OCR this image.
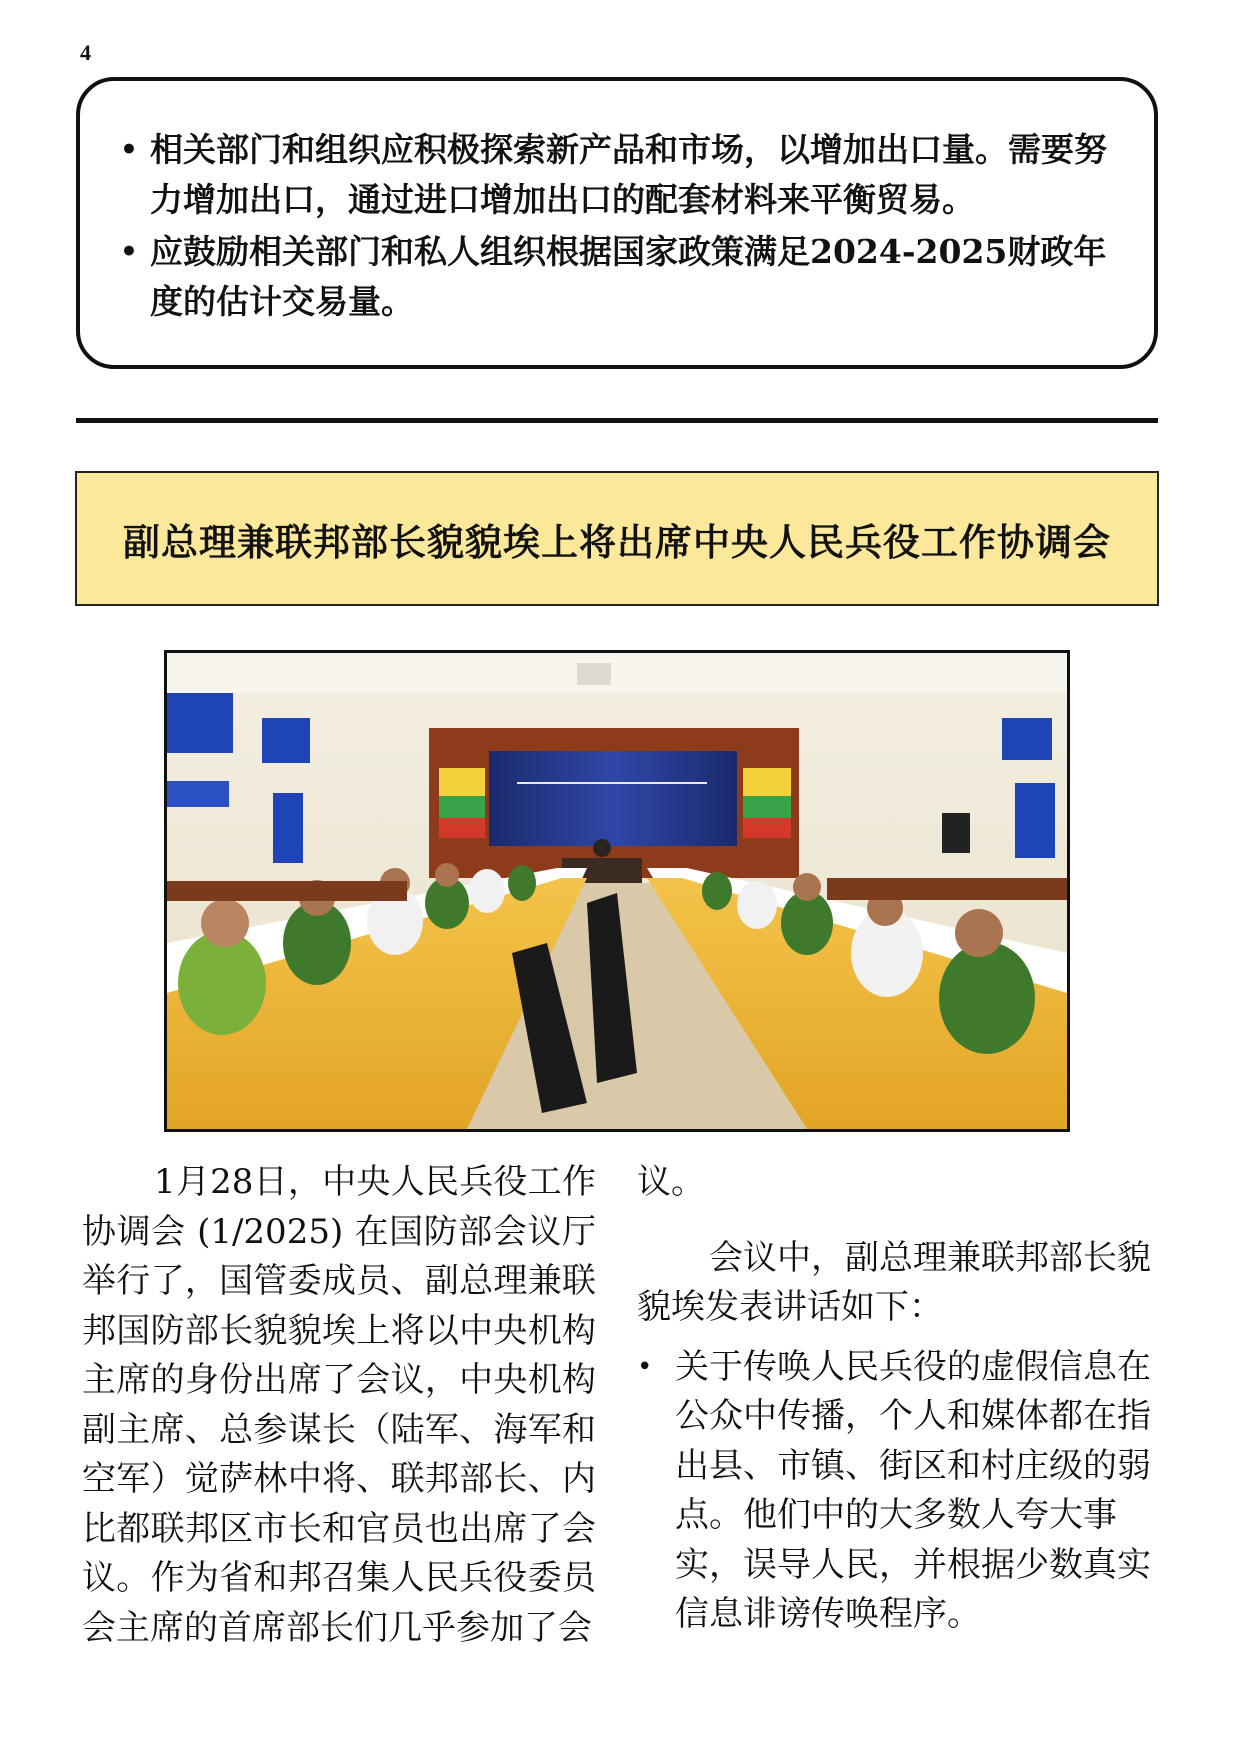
4
• 相关部门和组织应积极探索新产品和市场，以增加出口量。需要努力增加出口，通过进口增加出口的配套材料来平衡贸易。
• 应鼓励相关部门和私人组织根据国家政策满足2024-2025财政年度的估计交易量。
副总理兼联邦部长貌貌埃上将出席中央人民兵役工作协调会

1月28日，中央人民兵役工作协调会 (1/2025) 在国防部会议厅举行了，国管委成员、副总理兼联邦国防部长貌貌埃上将以中央机构主席的身份出席了会议，中央机构副主席、总参谋长（陆军、海军和空军）觉萨林中将、联邦部长、内比都联邦区市长和官员也出席了会议。作为省和邦召集人民兵役委员会主席的首席部长们几乎参加了会

议。

会议中，副总理兼联邦部长貌貌埃发表讲话如下：

• 关于传唤人民兵役的虚假信息在公众中传播，个人和媒体都在指出县、市镇、街区和村庄级的弱点。他们中的大多数人夸大事实，误导人民，并根据少数真实信息诽谤传唤程序。
